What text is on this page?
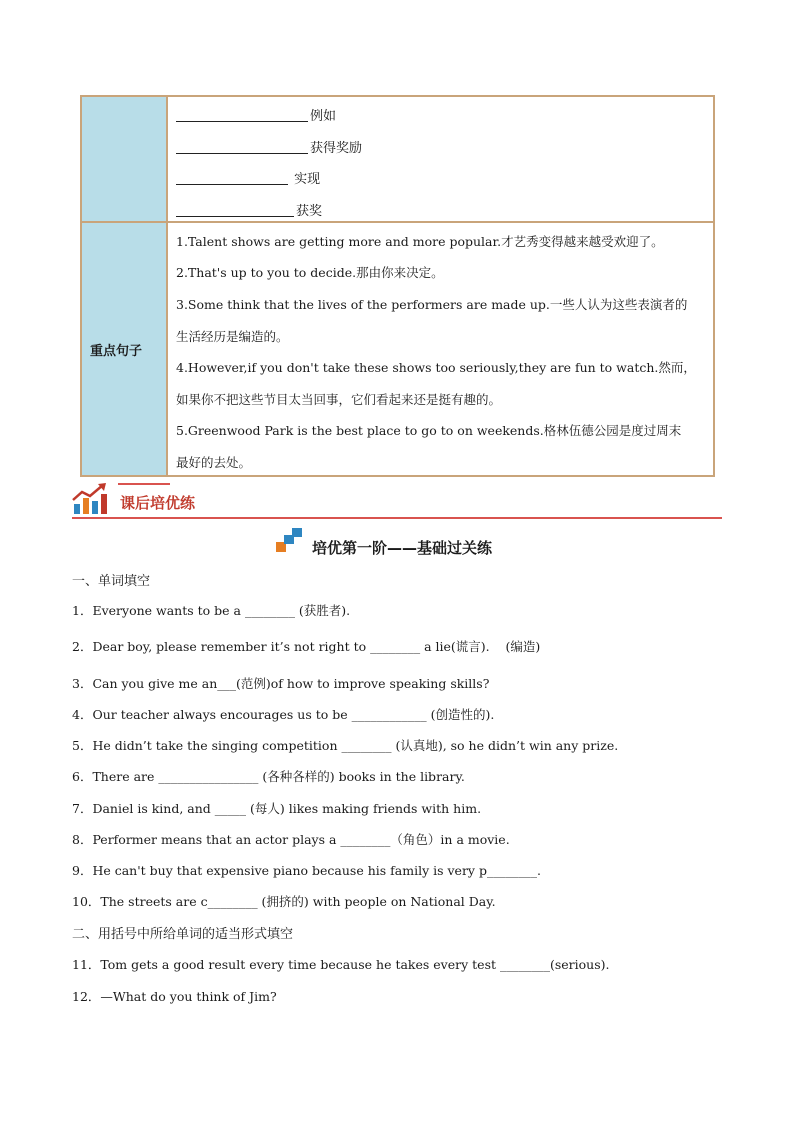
例如
获得奖励
实现
获奖
重点句子
1.Talent shows are getting more and more popular.才艺秀变得越来越受欢迎了。
2.That's up to you to decide.那由你来决定。
3.Some think that the lives of the performers are made up.一些人认为这些表演者的
生活经历是编造的。
4.However,if you don't take these shows too seriously,they are fun to watch.然而，
如果你不把这些节目太当回事，它们看起来还是挺有趣的。
5.Greenwood Park is the best place to go to on weekends.格林伍德公园是度过周末
最好的去处。
课后培优练
培优第一阶——基础过关练
一、单词填空
1．Everyone wants to be a ________ (获胜者).
2．Dear boy, please remember it’s not right to ________ a lie(谎言).    (编造)
3．Can you give me an___(范例)of how to improve speaking skills?
4．Our teacher always encourages us to be ____________ (创造性的).
5．He didn’t take the singing competition ________ (认真地), so he didn’t win any prize.
6．There are ________________ (各种各样的) books in the library.
7．Daniel is kind, and _____ (每人) likes making friends with him.
8．Performer means that an actor plays a ________（角色）in a movie.
9．He can't buy that expensive piano because his family is very p________.
10．The streets are c________ (拥挤的) with people on National Day.
二、用括号中所给单词的适当形式填空
11．Tom gets a good result every time because he takes every test ________(serious).
12．—What do you think of Jim?
